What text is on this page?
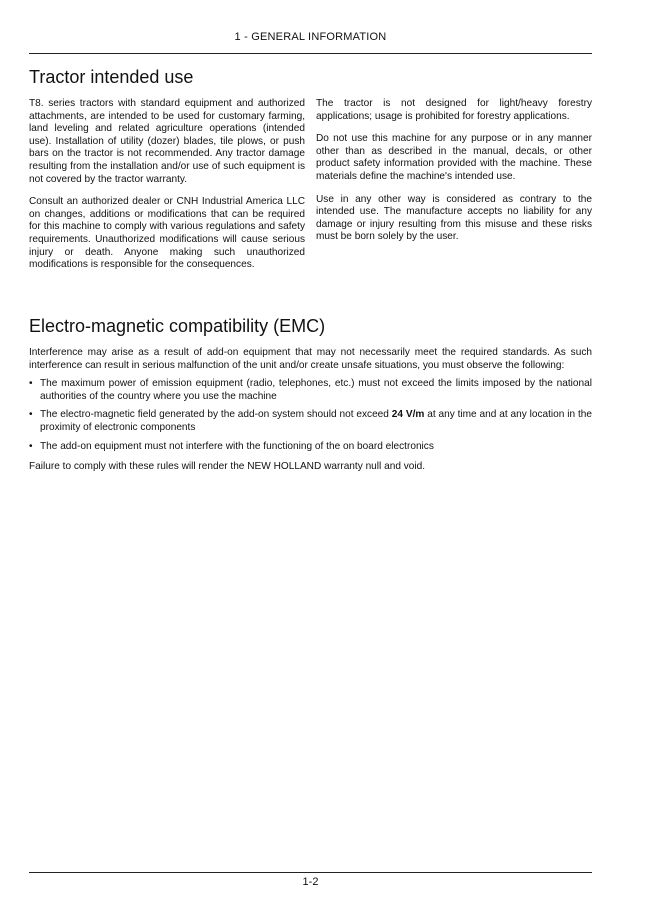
1 - GENERAL INFORMATION
Tractor intended use

T8. series tractors with standard equipment and authorized attachments, are intended to be used for customary farming, land leveling and related agriculture operations (intended use). Installation of utility (dozer) blades, tile plows, or push bars on the tractor is not recommended. Any tractor damage resulting from the installation and/or use of such equipment is not covered by the tractor warranty.

Consult an authorized dealer or CNH Industrial America LLC on changes, additions or modifications that can be required for this machine to comply with various regulations and safety requirements. Unauthorized modifications will cause serious injury or death. Anyone making such unauthorized modifications is responsible for the consequences.

The tractor is not designed for light/heavy forestry applications; usage is prohibited for forestry applications.

Do not use this machine for any purpose or in any manner other than as described in the manual, decals, or other product safety information provided with the machine. These materials define the machine's intended use.

Use in any other way is considered as contrary to the intended use. The manufacture accepts no liability for any damage or injury resulting from this misuse and these risks must be born solely by the user.

Electro-magnetic compatibility (EMC)

Interference may arise as a result of add-on equipment that may not necessarily meet the required standards. As such interference can result in serious malfunction of the unit and/or create unsafe situations, you must observe the following:

• The maximum power of emission equipment (radio, telephones, etc.) must not exceed the limits imposed by the national authorities of the country where you use the machine
• The electro-magnetic field generated by the add-on system should not exceed 24 V/m at any time and at any location in the proximity of electronic components
• The add-on equipment must not interfere with the functioning of the on board electronics

Failure to comply with these rules will render the NEW HOLLAND warranty null and void.

1-2
